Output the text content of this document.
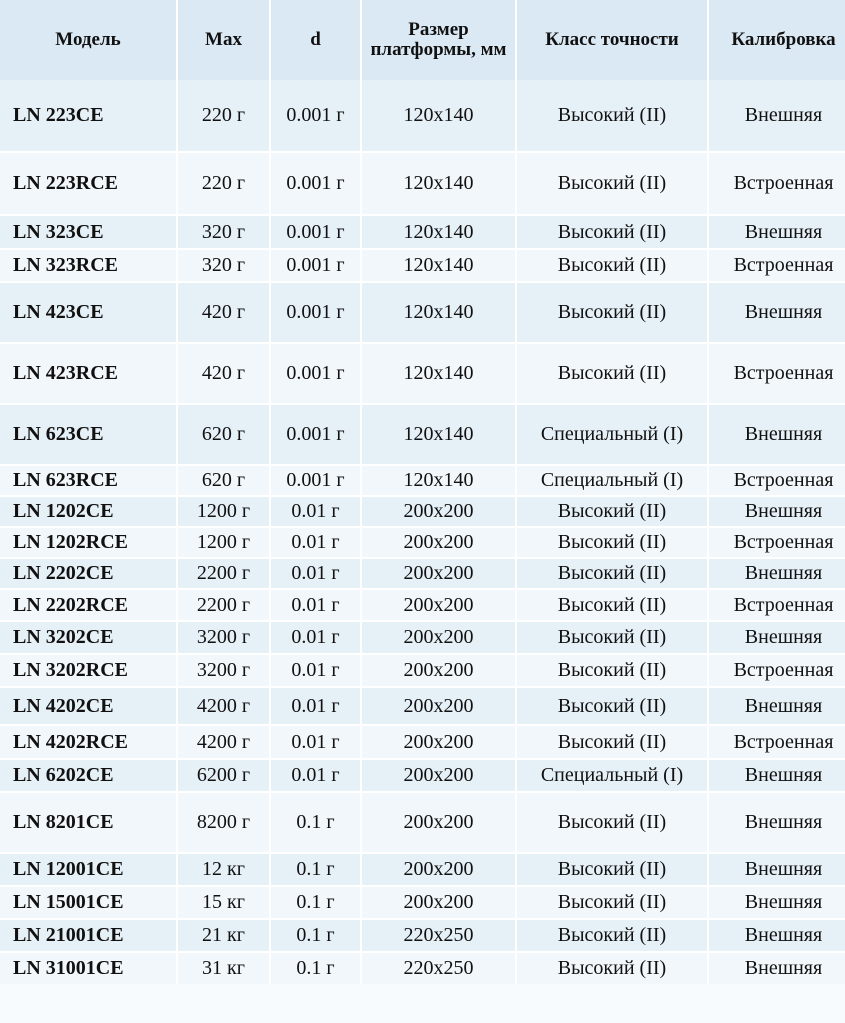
Модель	Max	d	Размер платформы, мм	Класс точности	Калибровка
LN 223CE	220 г	0.001 г	120х140	Высокий (II)	Внешняя
LN 223RCE	220 г	0.001 г	120х140	Высокий (II)	Встроенная
LN 323CE	320 г	0.001 г	120х140	Высокий (II)	Внешняя
LN 323RCE	320 г	0.001 г	120х140	Высокий (II)	Встроенная
LN 423CE	420 г	0.001 г	120х140	Высокий (II)	Внешняя
LN 423RCE	420 г	0.001 г	120х140	Высокий (II)	Встроенная
LN 623CE	620 г	0.001 г	120х140	Специальный (I)	Внешняя
LN 623RCE	620 г	0.001 г	120х140	Специальный (I)	Встроенная
LN 1202CE	1200 г	0.01 г	200х200	Высокий (II)	Внешняя
LN 1202RCE	1200 г	0.01 г	200х200	Высокий (II)	Встроенная
LN 2202CE	2200 г	0.01 г	200х200	Высокий (II)	Внешняя
LN 2202RCE	2200 г	0.01 г	200х200	Высокий (II)	Встроенная
LN 3202CE	3200 г	0.01 г	200х200	Высокий (II)	Внешняя
LN 3202RCE	3200 г	0.01 г	200х200	Высокий (II)	Встроенная
LN 4202CE	4200 г	0.01 г	200х200	Высокий (II)	Внешняя
LN 4202RCE	4200 г	0.01 г	200х200	Высокий (II)	Встроенная
LN 6202CE	6200 г	0.01 г	200х200	Специальный (I)	Внешняя
LN 8201CE	8200 г	0.1 г	200х200	Высокий (II)	Внешняя
LN 12001CE	12 кг	0.1 г	200х200	Высокий (II)	Внешняя
LN 15001CE	15 кг	0.1 г	200х200	Высокий (II)	Внешняя
LN 21001CE	21 кг	0.1 г	220х250	Высокий (II)	Внешняя
LN 31001CE	31 кг	0.1 г	220х250	Высокий (II)	Внешняя
